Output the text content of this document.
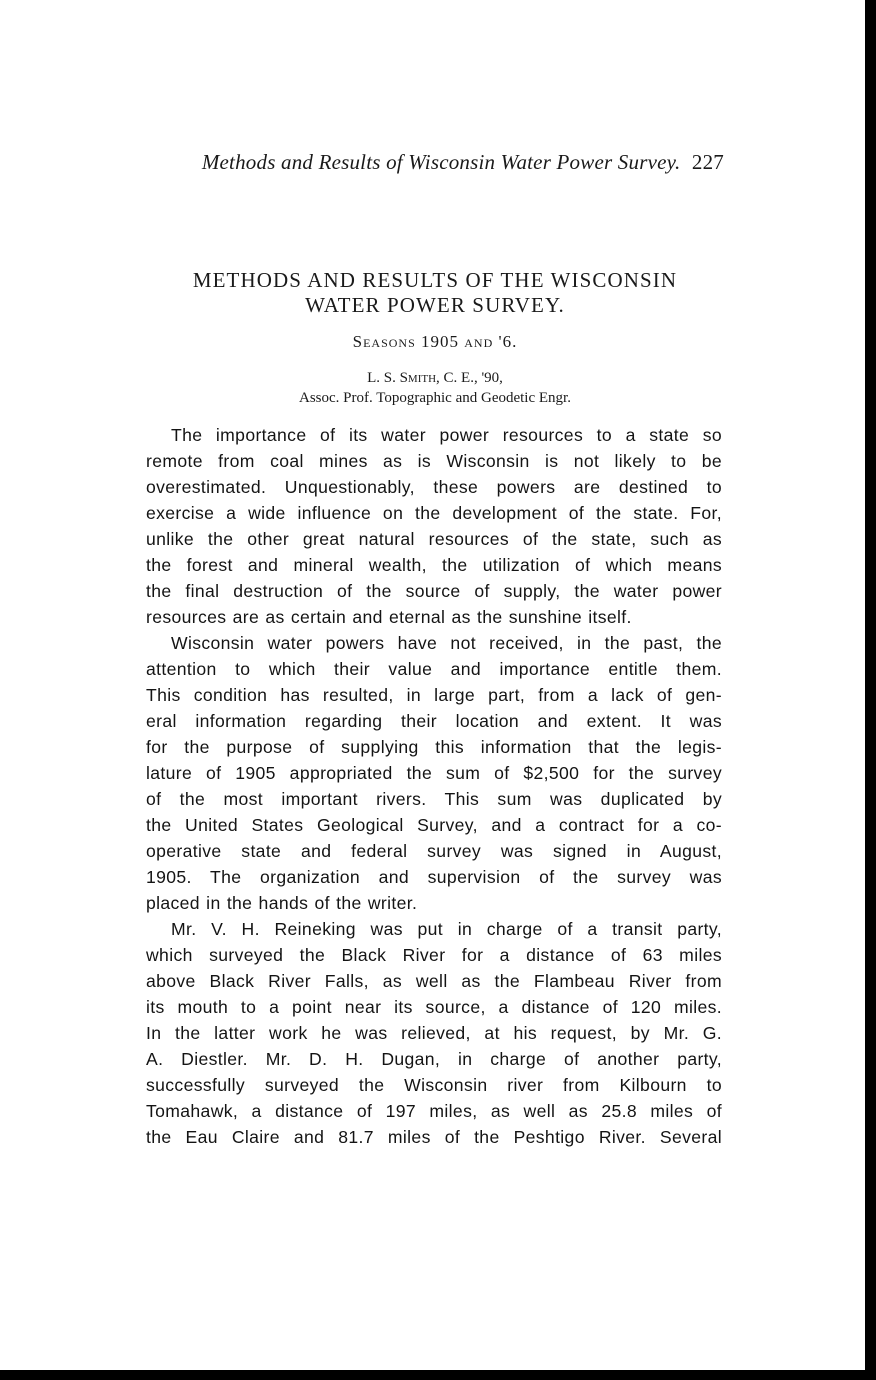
Methods and Results of Wisconsin Water Power Survey. 227
METHODS AND RESULTS OF THE WISCONSIN
WATER POWER SURVEY.
Seasons 1905 and '6.
L. S. Smith, C. E., '90,
Assoc. Prof. Topographic and Geodetic Engr.
The importance of its water power resources to a state so
remote from coal mines as is Wisconsin is not likely to be
overestimated. Unquestionably, these powers are destined to
exercise a wide influence on the development of the state. For,
unlike the other great natural resources of the state, such as
the forest and mineral wealth, the utilization of which means
the final destruction of the source of supply, the water power
resources are as certain and eternal as the sunshine itself.
Wisconsin water powers have not received, in the past, the
attention to which their value and importance entitle them.
This condition has resulted, in large part, from a lack of gen-
eral information regarding their location and extent. It was
for the purpose of supplying this information that the legis-
lature of 1905 appropriated the sum of $2,500 for the survey
of the most important rivers. This sum was duplicated by
the United States Geological Survey, and a contract for a co-
operative state and federal survey was signed in August,
1905. The organization and supervision of the survey was
placed in the hands of the writer.
Mr. V. H. Reineking was put in charge of a transit party,
which surveyed the Black River for a distance of 63 miles
above Black River Falls, as well as the Flambeau River from
its mouth to a point near its source, a distance of 120 miles.
In the latter work he was relieved, at his request, by Mr. G.
A. Diestler. Mr. D. H. Dugan, in charge of another party,
successfully surveyed the Wisconsin river from Kilbourn to
Tomahawk, a distance of 197 miles, as well as 25.8 miles of
the Eau Claire and 81.7 miles of the Peshtigo River. Several
